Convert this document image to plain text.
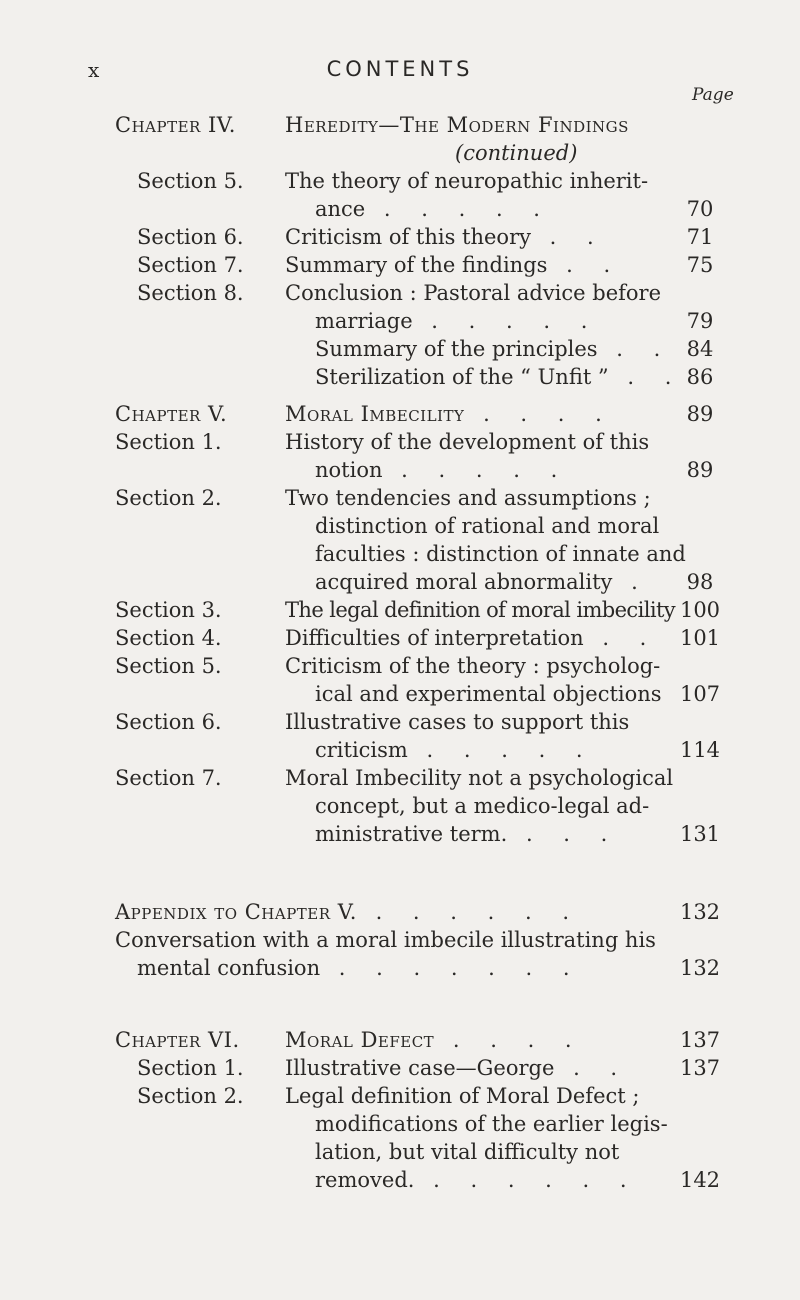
x	CONTENTS
Page
Chapter IV. Heredity—The Modern Findings
(continued)
Section 5. The theory of neuropathic inherit-
ance . . . . .	70
Section 6. Criticism of this theory . .	71
Section 7. Summary of the findings . .	75
Section 8. Conclusion : Pastoral advice before
marriage . . . . .	79
Summary of the principles . . 84
Sterilization of the “ Unfit ” . . 86
Chapter V.	Moral Imbecility . . . .	89
Section 1.	History of the development of this
notion . . . . .	89
Section 2.	Two tendencies and assumptions ;
distinction of rational and moral
faculties : distinction of innate and
acquired moral abnormality .	98
Section 3.	The legal definition of moral imbecility 100
Section 4.	Difficulties of interpretation . .	101
Section 5.	Criticism of the theory : psycholog-
ical and experimental objections 107
Section 6.	Illustrative cases to support this
criticism . . . . .	114
Section 7.	Moral Imbecility not a psychological
concept, but a medico-legal ad-
ministrative term. . . .	131
Appendix to Chapter V. . . . . . .	132
Conversation with a moral imbecile illustrating his
mental confusion . . . . . . .	132
Chapter VI. Moral Defect . . . .	137
Section 1. Illustrative case—George . .	137
Section 2. Legal definition of Moral Defect ;
modifications of the earlier legis-
lation, but vital difficulty not
removed. . . . . . .	142
